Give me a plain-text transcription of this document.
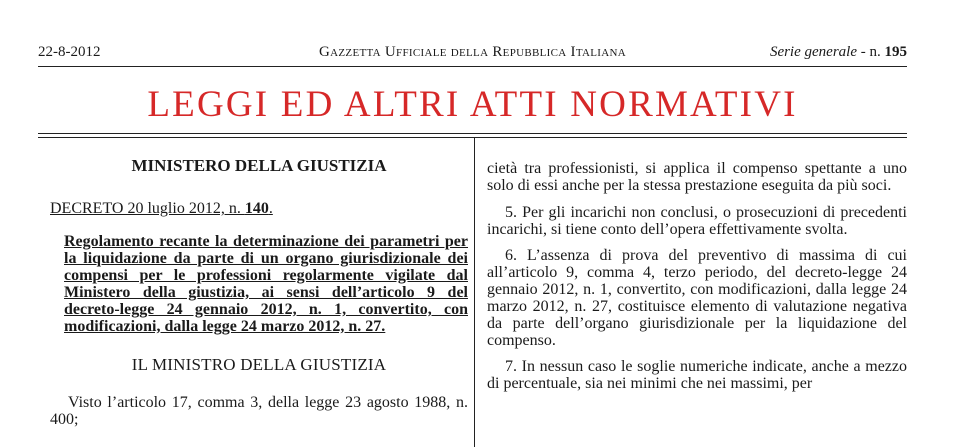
22-8-2012	Gazzetta Ufficiale della Repubblica Italiana	Serie generale - n. 195
LEGGI ED ALTRI ATTI NORMATIVI
MINISTERO DELLA GIUSTIZIA
DECRETO 20 luglio 2012, n. 140.
Regolamento recante la determinazione dei parametri per la liquidazione da parte di un organo giurisdizionale dei compensi per le professioni regolarmente vigilate dal Ministero della giustizia, ai sensi dell’articolo 9 del decreto-legge 24 gennaio 2012, n. 1, convertito, con modificazioni, dalla legge 24 marzo 2012, n. 27.
IL MINISTRO DELLA GIUSTIZIA
Visto l’articolo 17, comma 3, della legge 23 agosto 1988, n. 400;

cietà tra professionisti, si applica il compenso spettante a uno solo di essi anche per la stessa prestazione eseguita da più soci.

5. Per gli incarichi non conclusi, o prosecuzioni di precedenti incarichi, si tiene conto dell’opera effettivamente svolta.

6. L’assenza di prova del preventivo di massima di cui all’articolo 9, comma 4, terzo periodo, del decreto-legge 24 gennaio 2012, n. 1, convertito, con modificazioni, dalla legge 24 marzo 2012, n. 27, costituisce elemento di valutazione negativa da parte dell’organo giurisdizionale per la liquidazione del compenso.

7. In nessun caso le soglie numeriche indicate, anche a mezzo di percentuale, sia nei minimi che nei massimi, per
